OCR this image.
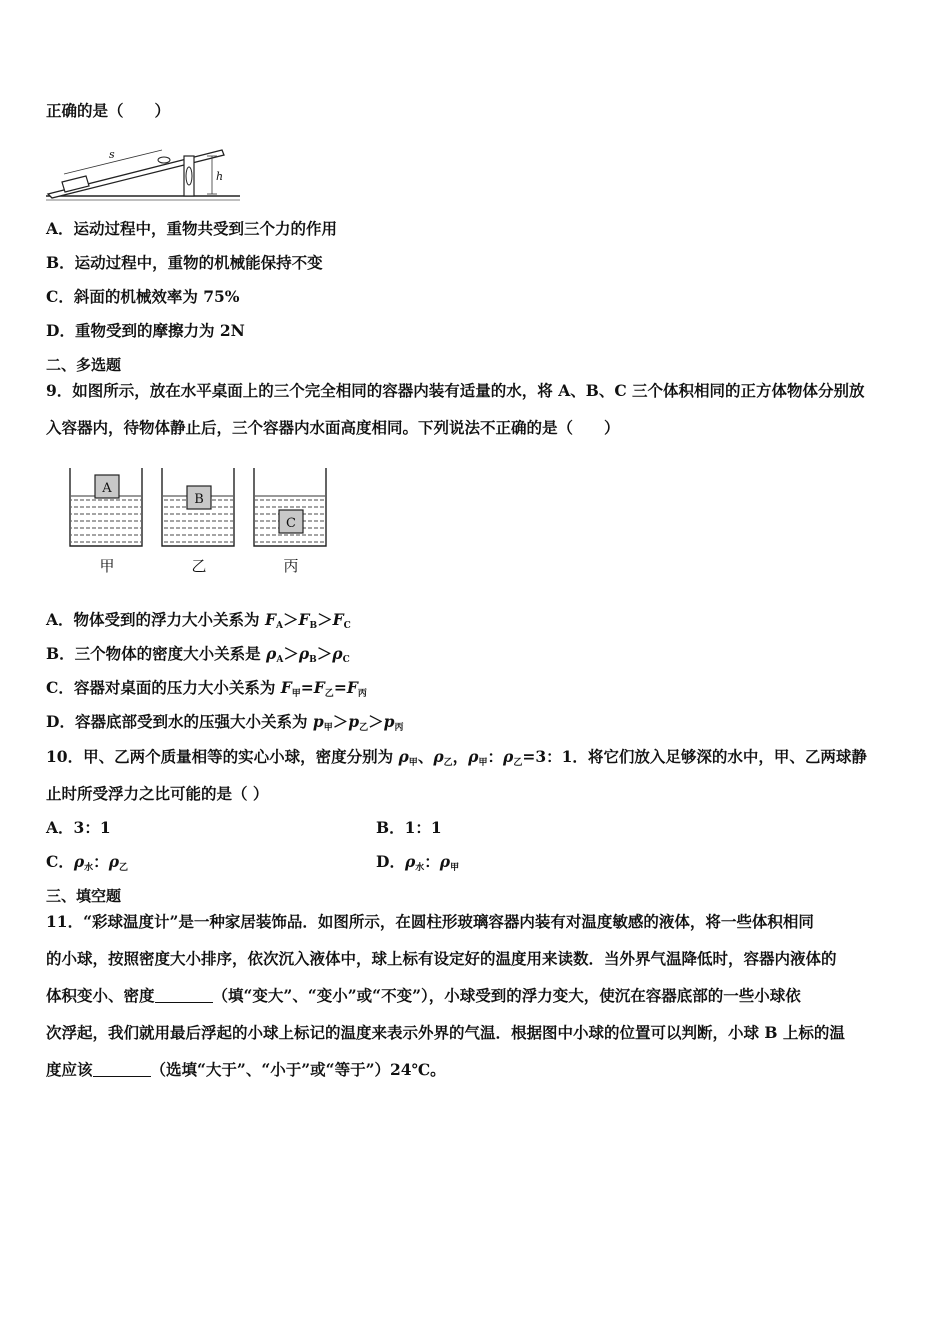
正确的是（　　）
s
h
A．运动过程中，重物共受到三个力的作用
B．运动过程中，重物的机械能保持不变
C．斜面的机械效率为 75%
D．重物受到的摩擦力为 2N
二、多选题
9．如图所示，放在水平桌面上的三个完全相同的容器内装有适量的水，将 A、B、C 三个体积相同的正方体物体分别放
入容器内，待物体静止后，三个容器内水面高度相同。下列说法不正确的是（　　）
A
B
C
甲	乙	丙
A．物体受到的浮力大小关系为 $F_A>F_B>F_C$
B．三个物体的密度大小关系是 $\rho_A>\rho_B>\rho_C$
C．容器对桌面的压力大小关系为 $F_甲=F_乙=F_丙$
D．容器底部受到水的压强大小关系为 $p_甲>p_乙>p_丙$
10．甲、乙两个质量相等的实心小球，密度分别为 $\rho_甲$、$\rho_乙$，$\rho_甲$：$\rho_乙=3$：1．将它们放入足够深的水中，甲、乙两球静
止时所受浮力之比可能的是（ ）
A．3：1	B．1：1
C．$\rho_水$：$\rho_乙$	D．$\rho_水$：$\rho_甲$
三、填空题
11．“彩球温度计”是一种家居装饰品．如图所示，在圆柱形玻璃容器内装有对温度敏感的液体，将一些体积相同
的小球，按照密度大小排序，依次沉入液体中，球上标有设定好的温度用来读数．当外界气温降低时，容器内液体的
体积变小、密度	（填“变大”、“变小”或“不变”），小球受到的浮力变大，使沉在容器底部的一些小球依
次浮起，我们就用最后浮起的小球上标记的温度来表示外界的气温．根据图中小球的位置可以判断，小球 B 上标的温
度应该	（选填“大于”、“小于”或“等于”）24℃。
